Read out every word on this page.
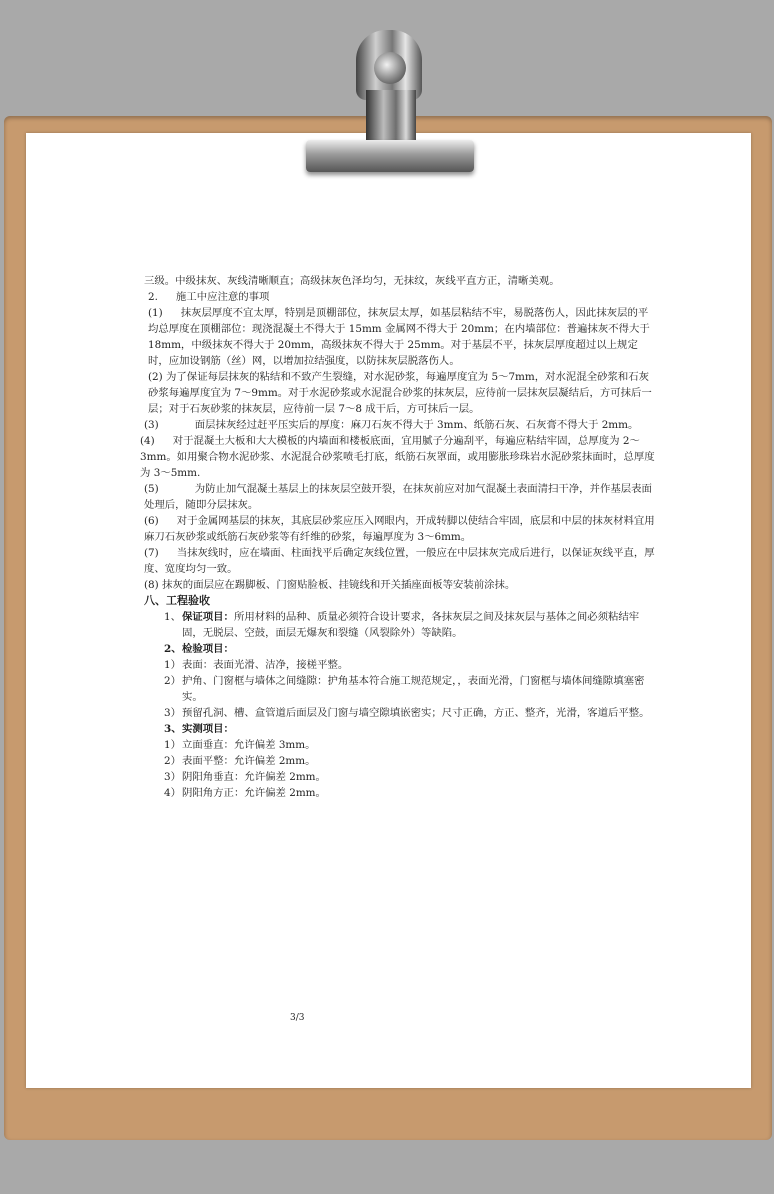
三级。中级抹灰、灰线清晰顺直；高级抹灰色泽均匀，无抹纹，灰线平直方正，清晰美观。

2. 施工中应注意的事项

(1) 抹灰层厚度不宜太厚，特别是顶棚部位，抹灰层太厚，如基层粘结不牢，易脱落伤人，因此抹灰层的平均总厚度在顶棚部位：现浇混凝土不得大于 15mm 金属网不得大于 20mm；在内墙部位：普遍抹灰不得大于 18mm，中级抹灰不得大于 20mm，高级抹灰不得大于 25mm。对于基层不平，抹灰层厚度超过以上规定时，应加设钢筋（丝）网，以增加拉结强度，以防抹灰层脱落伤人。

(2) 为了保证每层抹灰的粘结和不致产生裂缝，对水泥砂浆，每遍厚度宜为 5～7mm，对水泥混全砂浆和石灰砂浆每遍厚度宜为 7～9mm。对于水泥砂浆或水泥混合砂浆的抹灰层，应待前一层抹灰层凝结后，方可抹后一层；对于石灰砂浆的抹灰层，应待前一层 7～8 成干后，方可抹后一层。

(3)	面层抹灰经过赶平压实后的厚度：麻刀石灰不得大于 3mm、纸筋石灰、石灰膏不得大于 2mm。

(4) 对于混凝土大板和大大模板的内墙面和楼板底面，宜用腻子分遍刮平，每遍应粘结牢固，总厚度为 2～3mm。如用聚合物水泥砂浆、水泥混合砂浆喷毛打底，纸筋石灰罩面，或用膨胀珍珠岩水泥砂浆抹面时，总厚度为 3～5mm.

(5)	为防止加气混凝土基层上的抹灰层空鼓开裂，在抹灰前应对加气混凝土表面清扫干净，并作基层表面处理后，随即分层抹灰。

(6) 对于金属网基层的抹灰，其底层砂浆应压入网眼内，开成转脚以使结合牢固，底层和中层的抹灰材料宜用麻刀石灰砂浆或纸筋石灰砂浆等有纤维的砂浆，每遍厚度为 3～6mm。

(7) 当抹灰线时，应在墙面、柱面找平后确定灰线位置，一般应在中层抹灰完成后进行，以保证灰线平直，厚度、宽度均匀一致。

(8) 抹灰的面层应在踢脚板、门窗贴脸板、挂镜线和开关插座面板等安装前涂抹。

八、工程验收

1、 保证项目：所用材料的品种、质量必须符合设计要求，各抹灰层之间及抹灰层与基体之间必须粘结牢固，无脱层、空鼓，面层无爆灰和裂缝（风裂除外）等缺陷。

2、检验项目：

1） 表面：表面光滑、洁净，接槎平整。
2） 护角、门窗框与墙体之间缝隙：护角基本符合施工规范规定，，表面光滑，门窗框与墙体间缝隙填塞密实。
3） 预留孔洞、槽、盒管道后面层及门窗与墙空隙填嵌密实；尺寸正确，方正、整齐，光滑，客道后平整。

3、实测项目：

1） 立面垂直：允许偏差 3mm。
2） 表面平整：允许偏差 2mm。
3） 阴阳角垂直：允许偏差 2mm。
4） 阴阳角方正：允许偏差 2mm。
3/3
